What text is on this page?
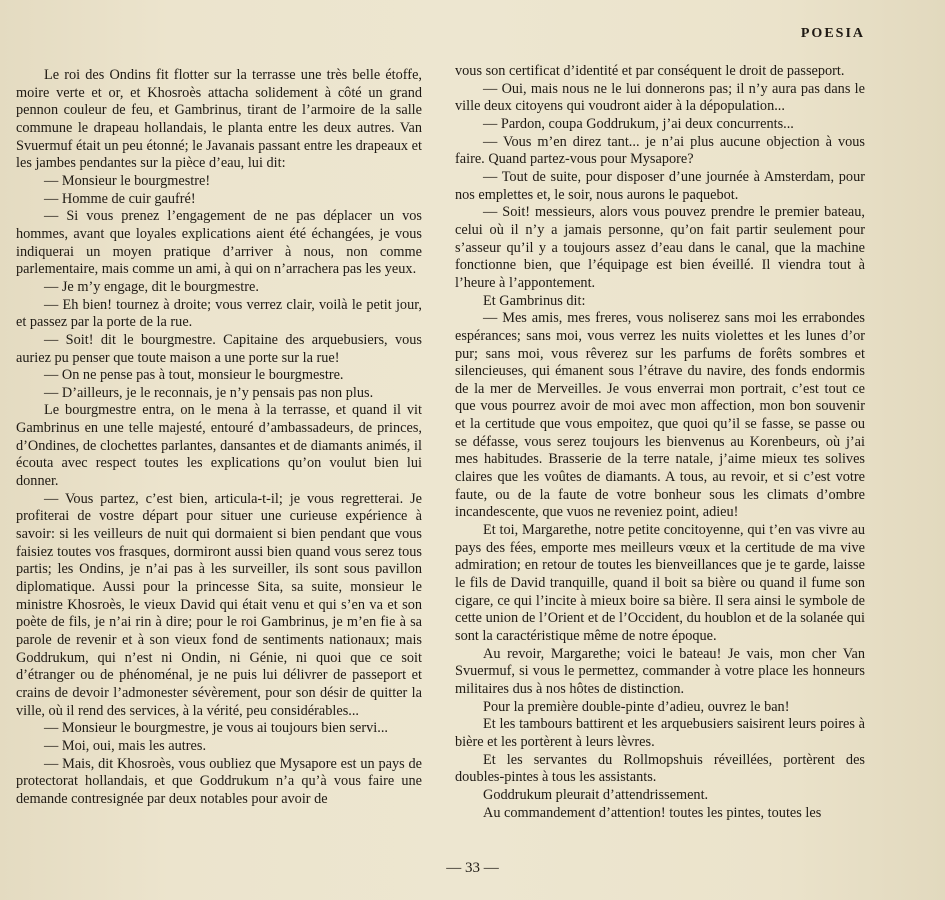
POESIA

Le roi des Ondins fit flotter sur la terrasse une très belle étoffe, moire verte et or, et Khosroès attacha solidement à côté un grand pennon couleur de feu, et Gambrinus, tirant de l’armoire de la salle commune le drapeau hollandais, le planta entre les deux autres. Van Svuermuf était un peu étonné; le Javanais passant entre les drapeaux et les jambes pendantes sur la pièce d’eau, lui dit:

— Monsieur le bourgmestre!

— Homme de cuir gaufré!

— Si vous prenez l’engagement de ne pas déplacer un vos hommes, avant que loyales explications aient été échangées, je vous indiquerai un moyen pratique d’arriver à nous, non comme parlementaire, mais comme un ami, à qui on n’arrachera pas les yeux.

— Je m’y engage, dit le bourgmestre.

— Eh bien! tournez à droite; vous verrez clair, voilà le petit jour, et passez par la porte de la rue.

— Soit! dit le bourgmestre. Capitaine des arquebusiers, vous auriez pu penser que toute maison a une porte sur la rue!

— On ne pense pas à tout, monsieur le bourgmestre.

— D’ailleurs, je le reconnais, je n’y pensais pas non plus.

Le bourgmestre entra, on le mena à la terrasse, et quand il vit Gambrinus en une telle majesté, entouré d’ambassadeurs, de princes, d’Ondines, de clochettes parlantes, dansantes et de diamants animés, il écouta avec respect toutes les explications qu’on voulut bien lui donner.

— Vous partez, c’est bien, articula-t-il; je vous regretterai. Je profiterai de vostre départ pour situer une curieuse expérience à savoir: si les veilleurs de nuit qui dormaient si bien pendant que vous faisiez toutes vos frasques, dormiront aussi bien quand vous serez tous partis; les Ondins, je n’ai pas à les surveiller, ils sont sous pavillon diplomatique. Aussi pour la princesse Sita, sa suite, monsieur le ministre Khosroès, le vieux David qui était venu et qui s’en va et son poète de fils, je n’ai rin à dire; pour le roi Gambrinus, je m’en fie à sa parole de revenir et à son vieux fond de sentiments nationaux; mais Goddrukum, qui n’est ni Ondin, ni Génie, ni quoi que ce soit d’étranger ou de phénoménal, je ne puis lui délivrer de passeport et crains de devoir l’admonester sévèrement, pour son désir de quitter la ville, où il rend des services, à la vérité, peu considérables...

— Monsieur le bourgmestre, je vous ai toujours bien servi...

— Moi, oui, mais les autres.

— Mais, dit Khosroès, vous oubliez que Mysapore est un pays de protectorat hollandais, et que Goddrukum n’a qu’à vous faire une demande contresignée par deux notables pour avoir de

vous son certificat d’identité et par conséquent le droit de passeport.

— Oui, mais nous ne le lui donnerons pas; il n’y aura pas dans le ville deux citoyens qui voudront aider à la dépopulation...

— Pardon, coupa Goddrukum, j’ai deux concurrents...

— Vous m’en direz tant... je n’ai plus aucune objection à vous faire. Quand partez-vous pour Mysapore?

— Tout de suite, pour disposer d’une journée à Amsterdam, pour nos emplettes et, le soir, nous aurons le paquebot.

— Soit! messieurs, alors vous pouvez prendre le premier bateau, celui où il n’y a jamais personne, qu’on fait partir seulement pour s’asseur qu’il y a toujours assez d’eau dans le canal, que la machine fonctionne bien, que l’équipage est bien éveillé. Il viendra tout à l’heure à l’appontement.

Et Gambrinus dit:

— Mes amis, mes freres, vous noliserez sans moi les errabondes espérances; sans moi, vous verrez les nuits violettes et les lunes d’or pur; sans moi, vous rêverez sur les parfums de forêts sombres et silencieuses, qui émanent sous l’étrave du navire, des fonds endormis de la mer de Merveilles. Je vous enverrai mon portrait, c’est tout ce que vous pourrez avoir de moi avec mon affection, mon bon souvenir et la certitude que vous empoitez, que quoi qu’il se fasse, se passe ou se défasse, vous serez toujours les bienvenus au Korenbeurs, où j’ai mes habitudes. Brasserie de la terre natale, j’aime mieux tes solives claires que les voûtes de diamants. A tous, au revoir, et si c’est votre faute, ou de la faute de votre bonheur sous les climats d’ombre incandescente, que vuos ne reveniez point, adieu!

Et toi, Margarethe, notre petite concitoyenne, qui t’en vas vivre au pays des fées, emporte mes meilleurs vœux et la certitude de ma vive admiration; en retour de toutes les bienveillances que je te garde, laisse le fils de David tranquille, quand il boit sa bière ou quand il fume son cigare, ce qui l’incite à mieux boire sa bière. Il sera ainsi le symbole de cette union de l’Orient et de l’Occident, du houblon et de la solanée qui sont la caractéristique même de notre époque.

Au revoir, Margarethe; voici le bateau! Je vais, mon cher Van Svuermuf, si vous le permettez, commander à votre place les honneurs militaires dus à nos hôtes de distinction.

Pour la première double-pinte d’adieu, ouvrez le ban!

Et les tambours battirent et les arquebusiers saisirent leurs poires à bière et les portèrent à leurs lèvres.

Et les servantes du Rollmopshuis réveillées, portèrent des doubles-pintes à tous les assistants.

Goddrukum pleurait d’attendrissement.

Au commandement d’attention! toutes les pintes, toutes les

— 33 —
